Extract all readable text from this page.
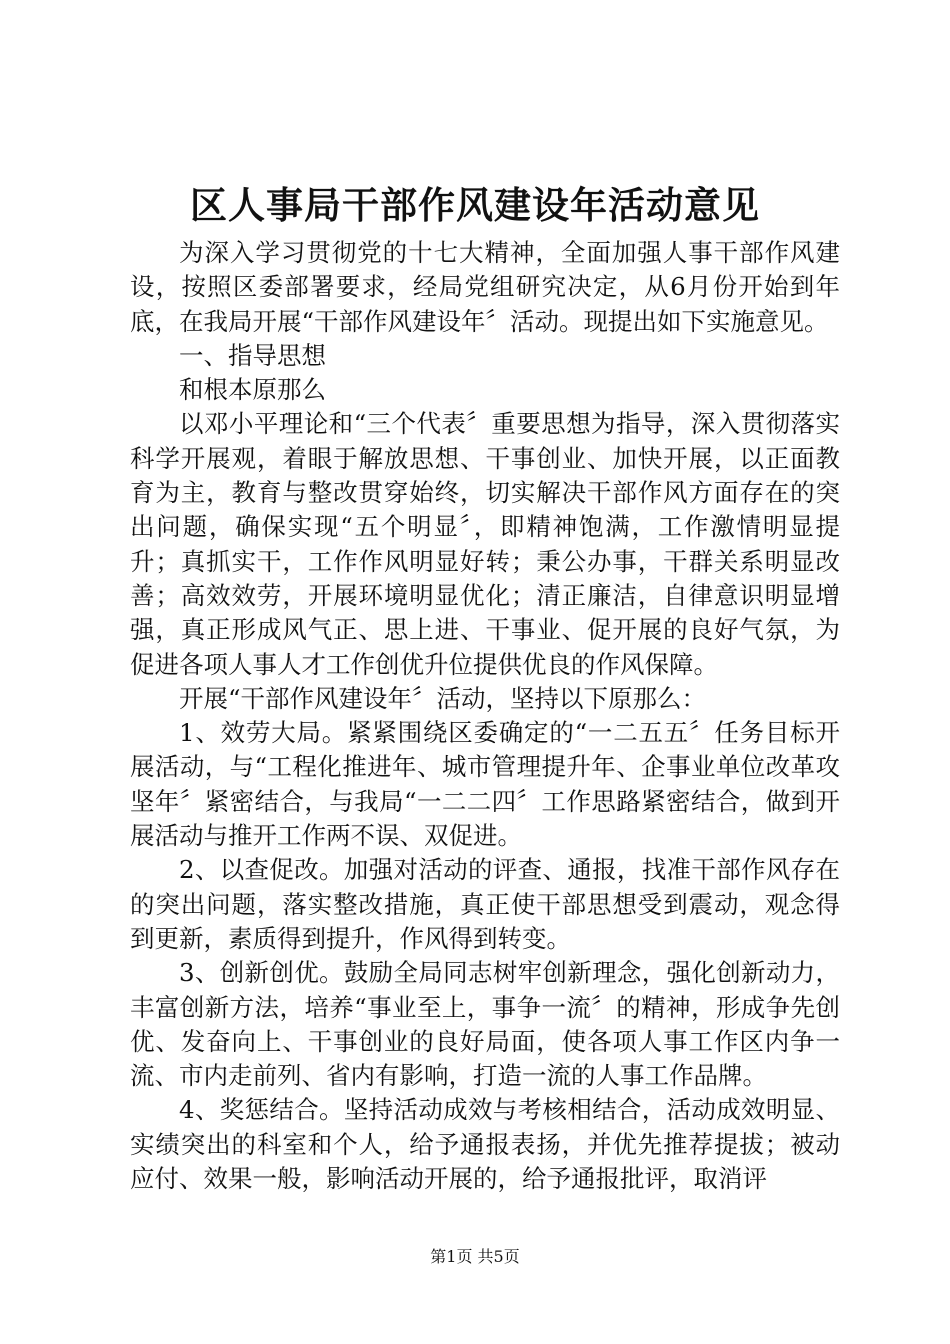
区人事局干部作风建设年活动意见

为深入学习贯彻党的十七大精神，全面加强人事干部作风建设，按照区委部署要求，经局党组研究决定，从6月份开始到年底，在我局开展“干部作风建设年〞活动。现提出如下实施意见。

一、指导思想

和根本原那么

以邓小平理论和“三个代表〞重要思想为指导，深入贯彻落实科学开展观，着眼于解放思想、干事创业、加快开展，以正面教育为主，教育与整改贯穿始终，切实解决干部作风方面存在的突出问题，确保实现“五个明显〞，即精神饱满，工作激情明显提升；真抓实干，工作作风明显好转；秉公办事，干群关系明显改善；高效效劳，开展环境明显优化；清正廉洁，自律意识明显增强，真正形成风气正、思上进、干事业、促开展的良好气氛，为促进各项人事人才工作创优升位提供优良的作风保障。

开展“干部作风建设年〞活动，坚持以下原那么：

1、效劳大局。紧紧围绕区委确定的“一二五五〞任务目标开展活动，与“工程化推进年、城市管理提升年、企事业单位改革攻坚年〞紧密结合，与我局“一二二四〞工作思路紧密结合，做到开展活动与推开工作两不误、双促进。

2、以查促改。加强对活动的评查、通报，找准干部作风存在的突出问题，落实整改措施，真正使干部思想受到震动，观念得到更新，素质得到提升，作风得到转变。

3、创新创优。鼓励全局同志树牢创新理念，强化创新动力，丰富创新方法，培养“事业至上，事争一流〞的精神，形成争先创优、发奋向上、干事创业的良好局面，使各项人事工作区内争一流、市内走前列、省内有影响，打造一流的人事工作品牌。

4、奖惩结合。坚持活动成效与考核相结合，活动成效明显、实绩突出的科室和个人，给予通报表扬，并优先推荐提拔；被动应付、效果一般，影响活动开展的，给予通报批评，取消评

第1页 共5页
